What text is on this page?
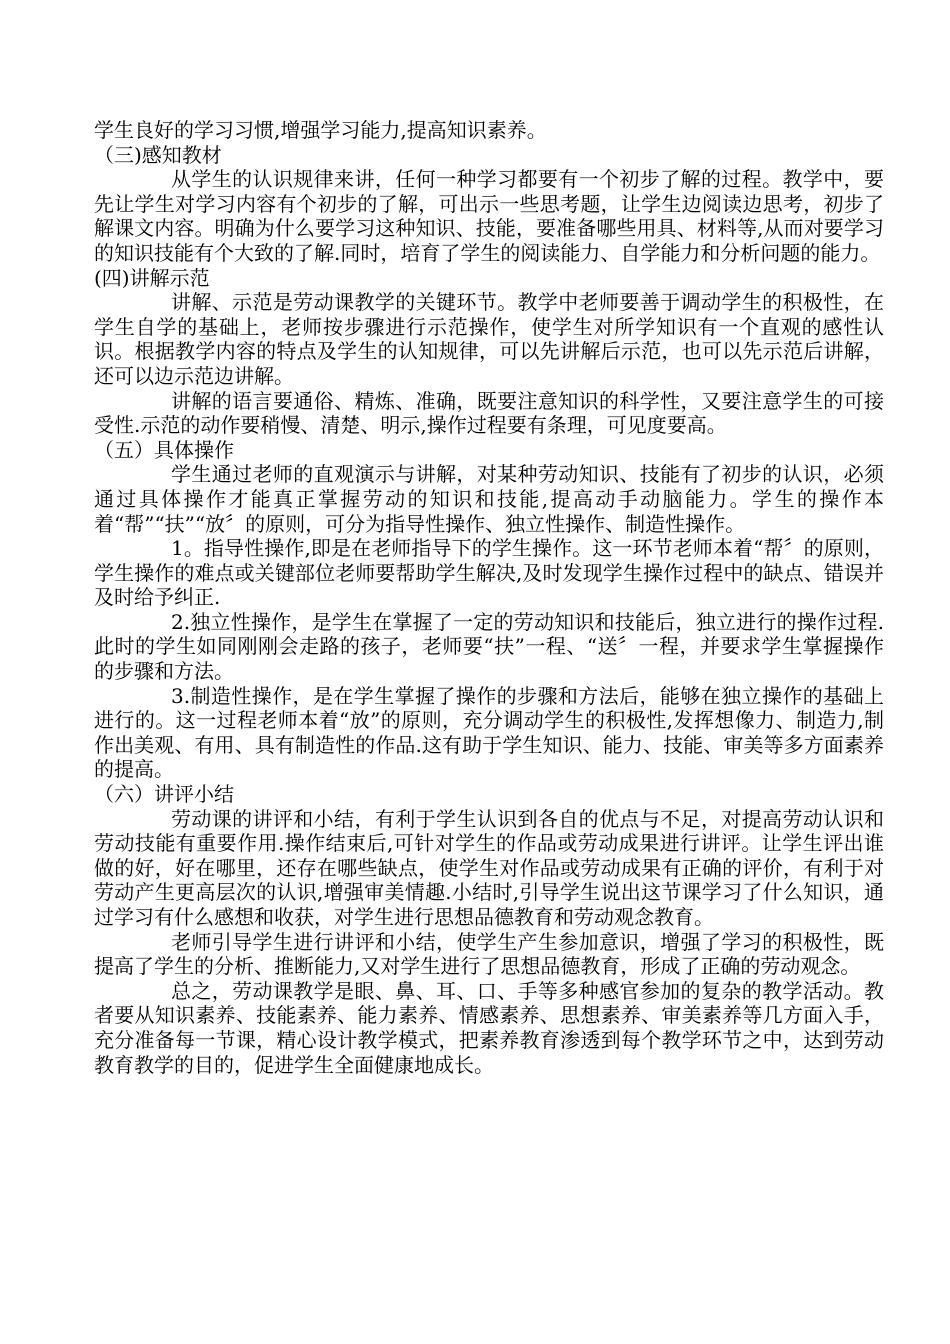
学生良好的学习习惯,增强学习能力,提高知识素养。

（三)感知教材

从学生的认识规律来讲，任何一种学习都要有一个初步了解的过程。教学中，要先让学生对学习内容有个初步的了解，可出示一些思考题，让学生边阅读边思考，初步了解课文内容。明确为什么要学习这种知识、技能，要准备哪些用具、材料等,从而对要学习的知识技能有个大致的了解.同时，培育了学生的阅读能力、自学能力和分析问题的能力。

(四)讲解示范

讲解、示范是劳动课教学的关键环节。教学中老师要善于调动学生的积极性，在学生自学的基础上，老师按步骤进行示范操作，使学生对所学知识有一个直观的感性认识。根据教学内容的特点及学生的认知规律，可以先讲解后示范，也可以先示范后讲解，还可以边示范边讲解。

讲解的语言要通俗、精炼、准确，既要注意知识的科学性，又要注意学生的可接受性.示范的动作要稍慢、清楚、明示,操作过程要有条理，可见度要高。

（五）具体操作

学生通过老师的直观演示与讲解，对某种劳动知识、技能有了初步的认识，必须通过具体操作才能真正掌握劳动的知识和技能,提高动手动脑能力。学生的操作本着“帮”“扶”“放〞的原则，可分为指导性操作、独立性操作、制造性操作。

1。指导性操作,即是在老师指导下的学生操作。这一环节老师本着“帮〞的原则，学生操作的难点或关键部位老师要帮助学生解决,及时发现学生操作过程中的缺点、错误并及时给予纠正.

2.独立性操作，是学生在掌握了一定的劳动知识和技能后，独立进行的操作过程.此时的学生如同刚刚会走路的孩子，老师要“扶”一程、“送〞一程，并要求学生掌握操作的步骤和方法。

3.制造性操作，是在学生掌握了操作的步骤和方法后，能够在独立操作的基础上进行的。这一过程老师本着“放”的原则，充分调动学生的积极性,发挥想像力、制造力,制作出美观、有用、具有制造性的作品.这有助于学生知识、能力、技能、审美等多方面素养的提高。

（六）讲评小结

劳动课的讲评和小结，有利于学生认识到各自的优点与不足，对提高劳动认识和劳动技能有重要作用.操作结束后,可针对学生的作品或劳动成果进行讲评。让学生评出谁做的好，好在哪里，还存在哪些缺点，使学生对作品或劳动成果有正确的评价，有利于对劳动产生更高层次的认识,增强审美情趣.小结时,引导学生说出这节课学习了什么知识，通过学习有什么感想和收获，对学生进行思想品德教育和劳动观念教育。

老师引导学生进行讲评和小结，使学生产生参加意识，增强了学习的积极性，既提高了学生的分析、推断能力,又对学生进行了思想品德教育，形成了正确的劳动观念。

总之，劳动课教学是眼、鼻、耳、口、手等多种感官参加的复杂的教学活动。教者要从知识素养、技能素养、能力素养、情感素养、思想素养、审美素养等几方面入手，充分准备每一节课，精心设计教学模式，把素养教育渗透到每个教学环节之中，达到劳动教育教学的目的，促进学生全面健康地成长。
